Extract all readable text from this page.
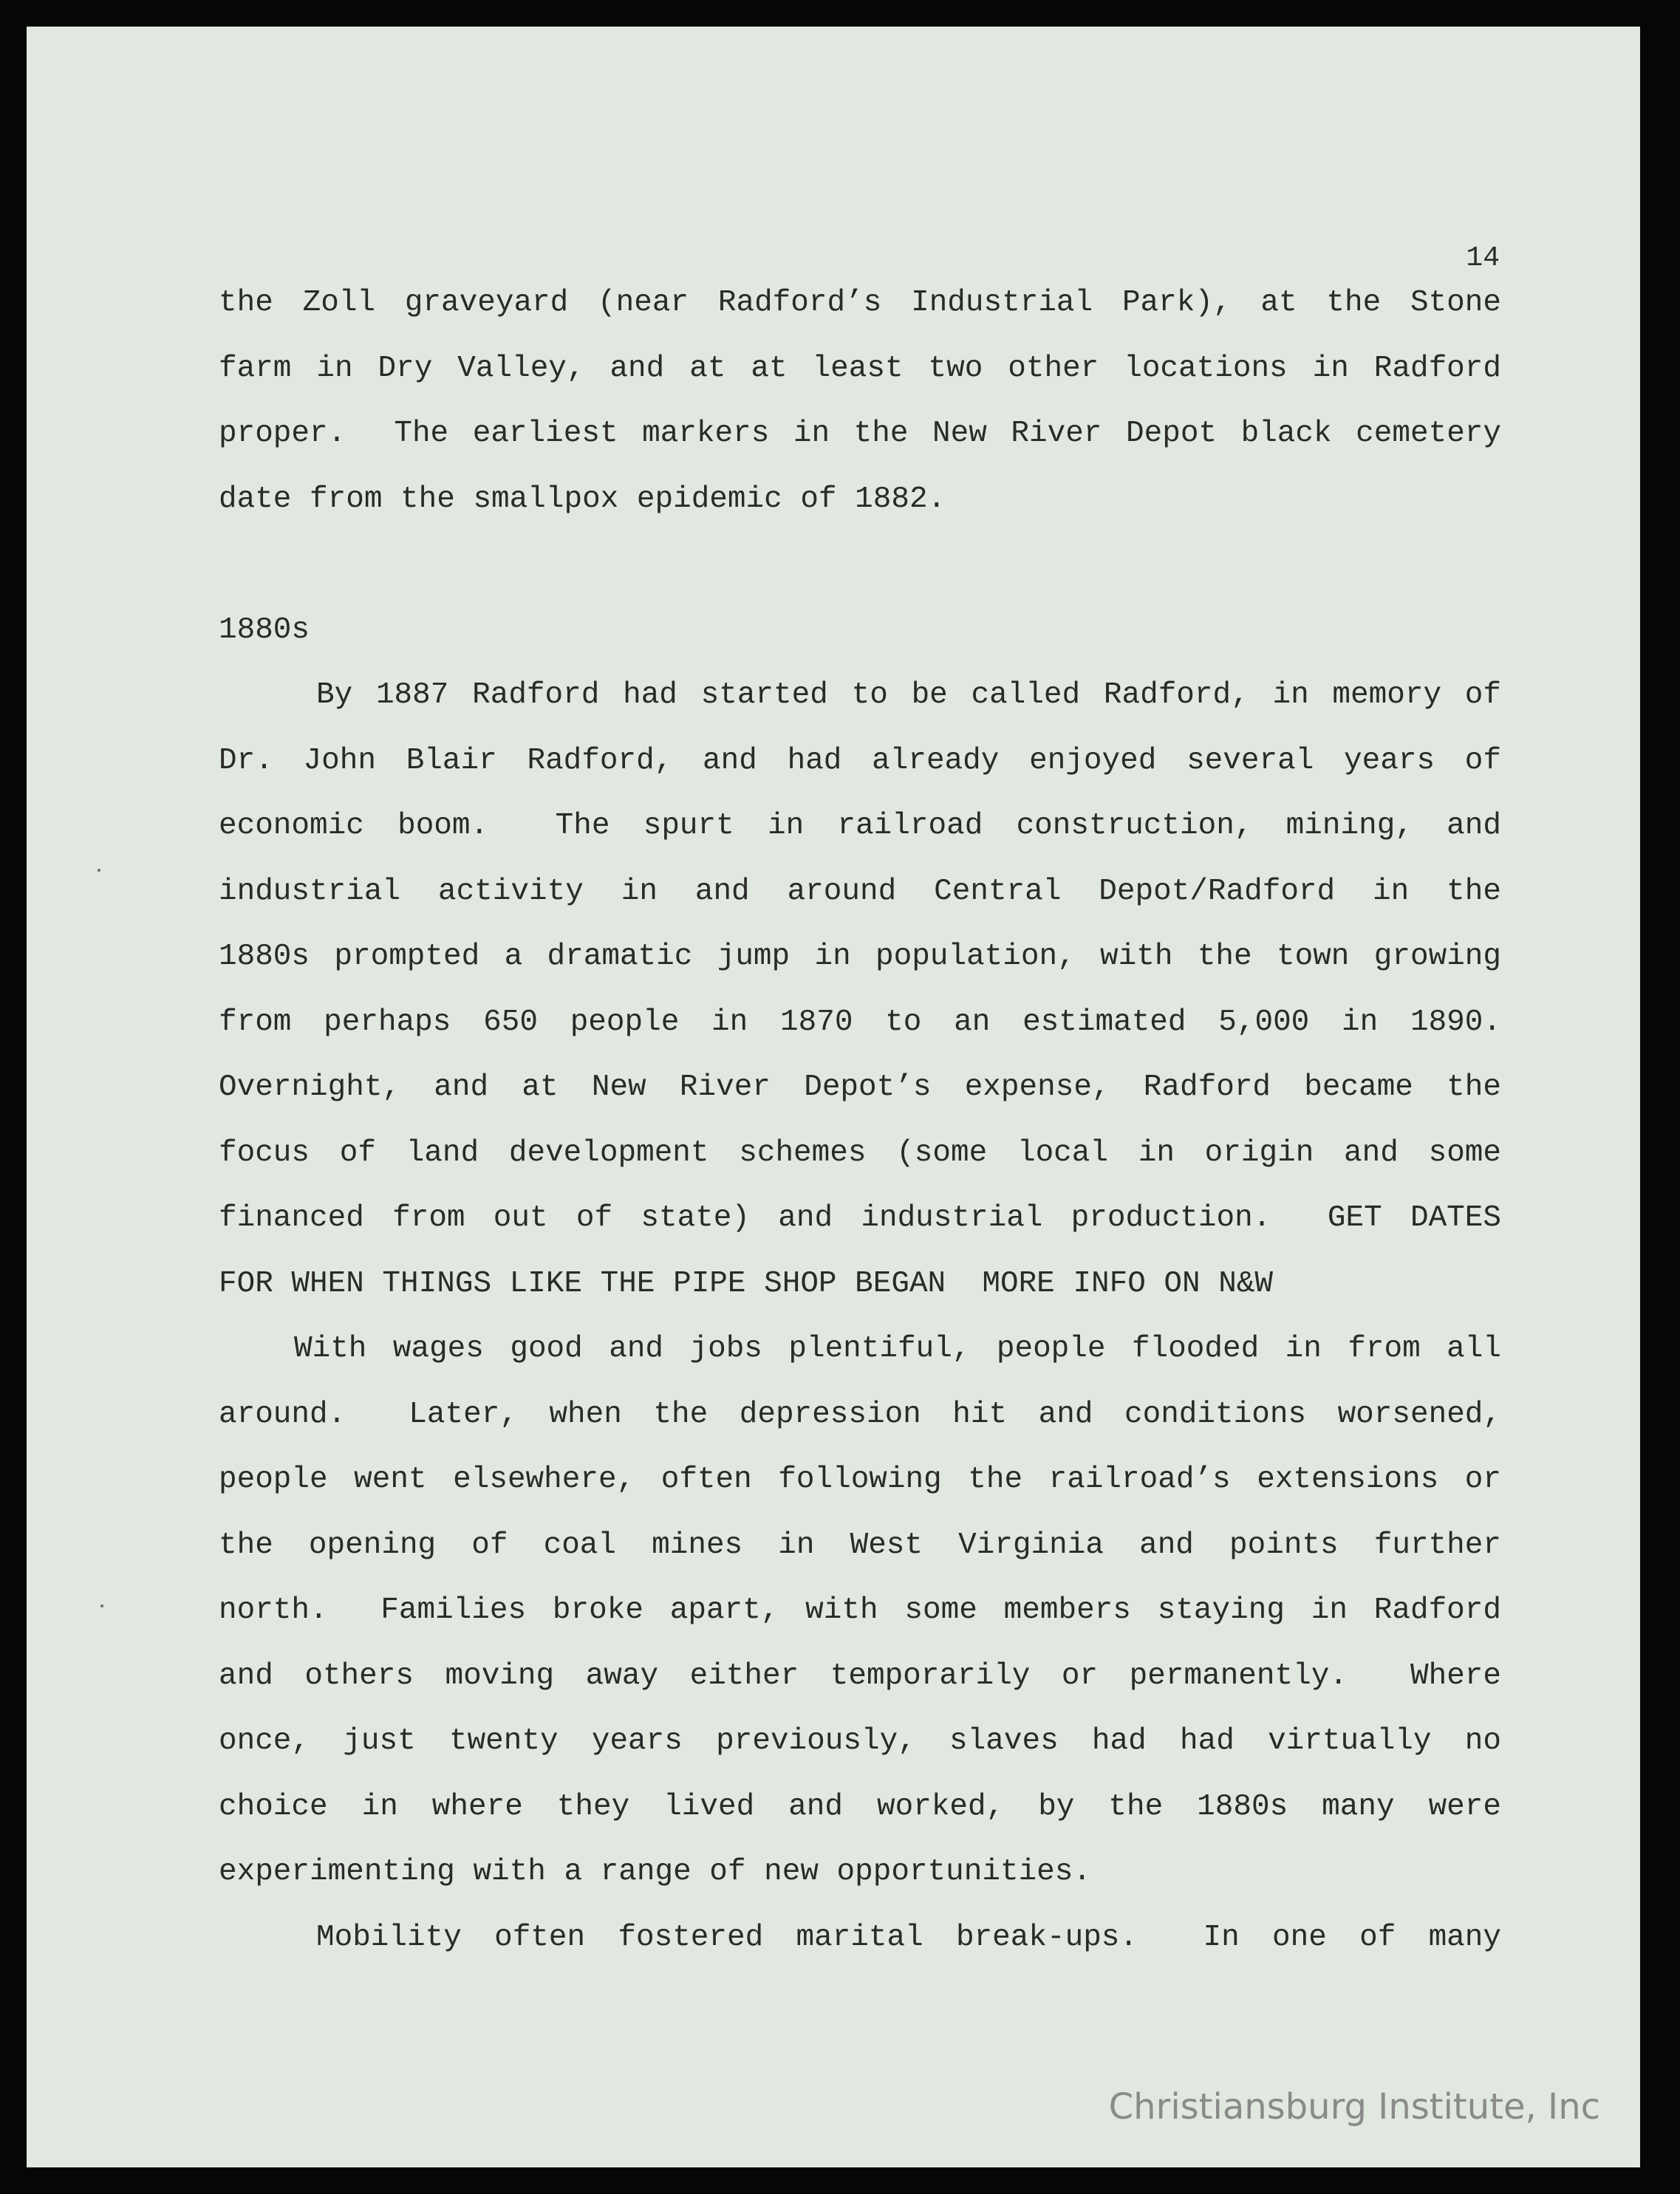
14

the Zoll graveyard (near Radford’s Industrial Park), at the Stone
farm in Dry Valley, and at at least two other locations in Radford
proper.  The earliest markers in the New River Depot black cemetery
date from the smallpox epidemic of 1882.
1880s
By 1887 Radford had started to be called Radford, in memory of
Dr. John Blair Radford, and had already enjoyed several years of
economic boom.  The spurt in railroad construction, mining, and
industrial activity in and around Central Depot/Radford in the
1880s prompted a dramatic jump in population, with the town growing
from perhaps 650 people in 1870 to an estimated 5,000 in 1890.
Overnight, and at New River Depot’s expense, Radford became the
focus of land development schemes (some local in origin and some
financed from out of state) and industrial production.  GET DATES
FOR WHEN THINGS LIKE THE PIPE SHOP BEGAN  MORE INFO ON N&W
With wages good and jobs plentiful, people flooded in from all
around.  Later, when the depression hit and conditions worsened,
people went elsewhere, often following the railroad’s extensions or
the opening of coal mines in West Virginia and points further
north.  Families broke apart, with some members staying in Radford
and others moving away either temporarily or permanently.  Where
once, just twenty years previously, slaves had had virtually no
choice in where they lived and worked, by the 1880s many were
experimenting with a range of new opportunities.
Mobility often fostered marital break-ups.  In one of many
Christiansburg Institute, Inc
